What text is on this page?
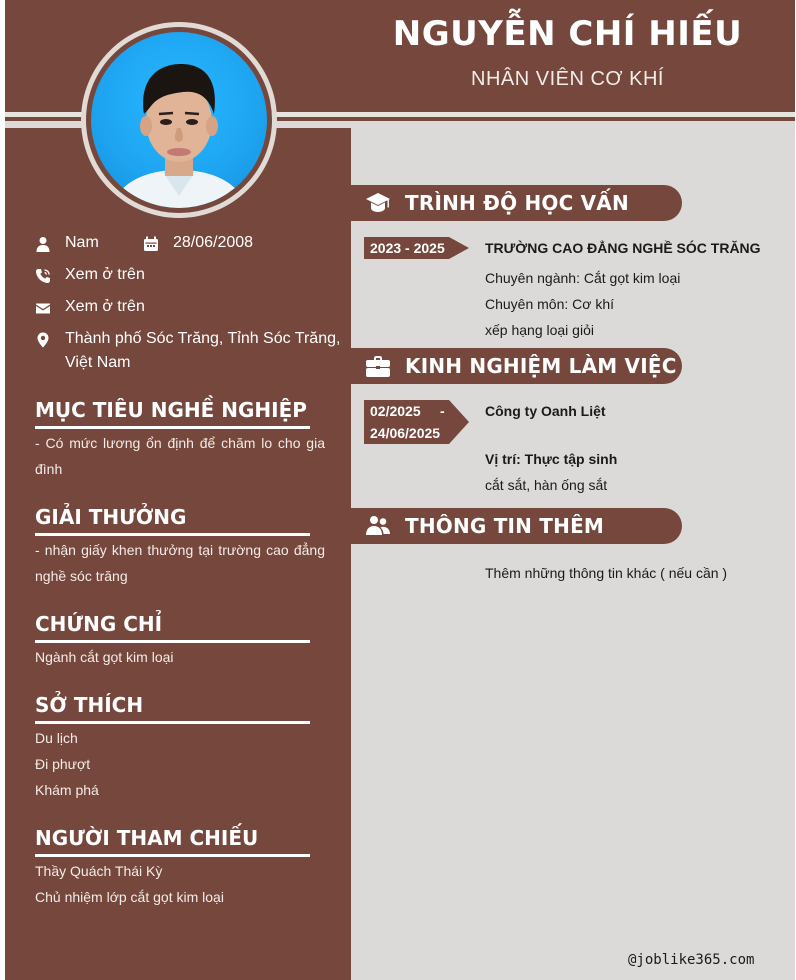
NGUYỄN CHÍ HIẾU
NHÂN VIÊN CƠ KHÍ
Nam	28/06/2008
Xem ở trên
Xem ở trên
Thành phố Sóc Trăng, Tỉnh Sóc Trăng, Việt Nam
MỤC TIÊU NGHỀ NGHIỆP
- Có mức lương ổn định để chăm lo cho gia đình
GIẢI THƯỞNG
- nhận giấy khen thưởng tại trường cao đẳng nghề sóc trăng
CHỨNG CHỈ
Ngành cắt gọt kim loại
SỞ THÍCH
Du lịch
Đi phượt
Khám phá
NGƯỜI THAM CHIẾU
Thầy Quách Thái Kỳ
Chủ nhiệm lớp cắt gọt kim loại
TRÌNH ĐỘ HỌC VẤN
2023 - 2025	TRƯỜNG CAO ĐẲNG NGHỀ SÓC TRĂNG
Chuyên ngành: Cắt gọt kim loại
Chuyên môn: Cơ khí
xếp hạng loại giỏi
KINH NGHIỆM LÀM VIỆC
02/2025     -
24/06/2025
Công ty Oanh Liệt
Vị trí: Thực tập sinh
cắt sắt, hàn ống sắt
THÔNG TIN THÊM
Thêm những thông tin khác ( nếu cần )
@joblike365.com
